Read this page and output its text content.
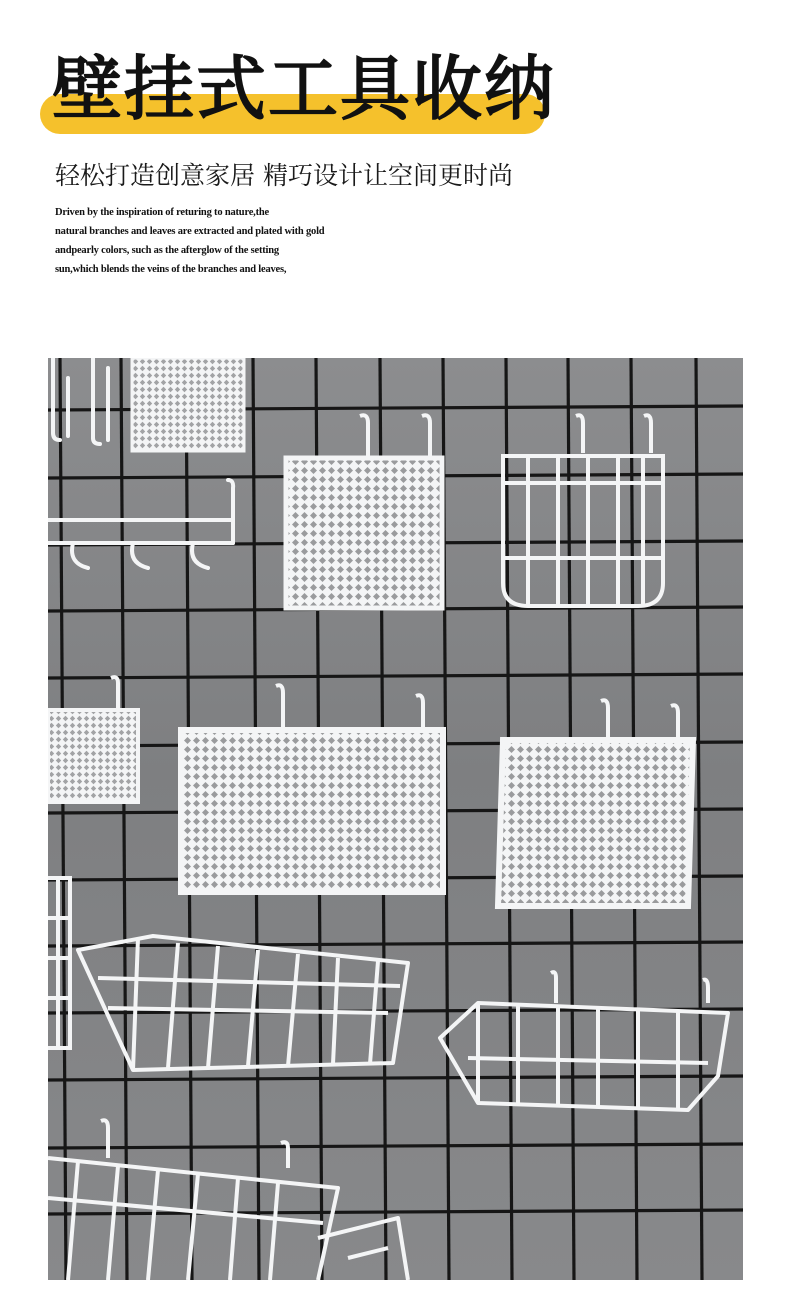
壁挂式工具收纳

轻松打造创意家居 精巧设计让空间更时尚

Driven by the inspiration of returing to nature,the
natural branches and leaves are extracted and plated with gold
andpearly colors, such as the afterglow of the setting
sun,which blends the veins of the branches and leaves,
